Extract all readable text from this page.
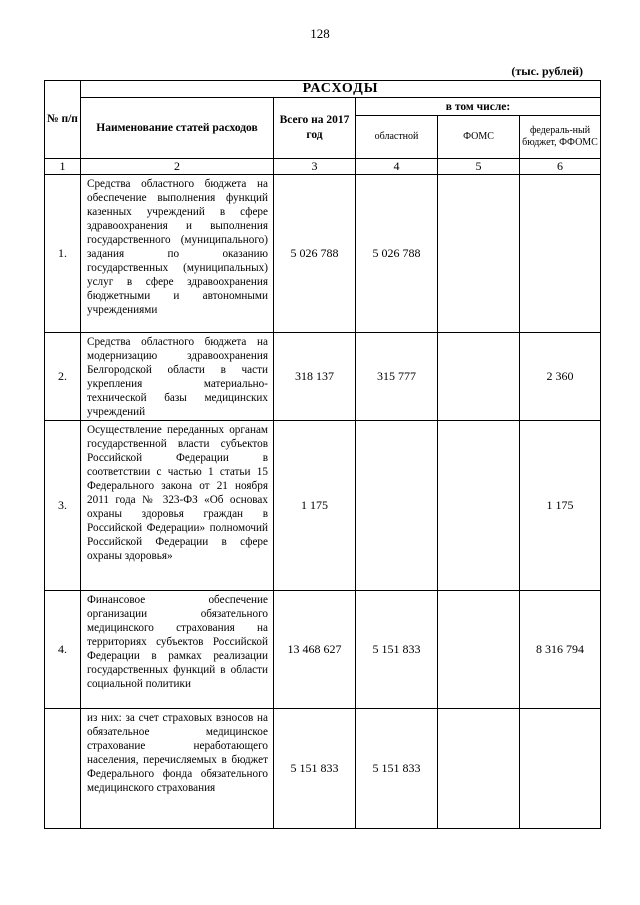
128
(тыс. рублей)
№ п/п	РАСХОДЫ				
	Наименование статей расходов	Всего на 2017 год	в том числе:		
			областной	ФОМС	федераль-ный бюджет, ФФОМС
1	2	3	4	5	6
1.	Средства областного бюджета на обеспечение выполнения функций казенных учреждений в сфере здравоохранения и выполнения государственного (муниципального) задания по оказанию государственных (муниципальных) услуг в сфере здравоохранения бюджетными и автономными учреждениями	5 026 788	5 026 788		
2.	Средства областного бюджета на модернизацию здравоохранения Белгородской области в части укрепления материально-технической базы медицинских учреждений	318 137	315 777		2 360
3.	Осуществление переданных органам государственной власти субъектов Российской Федерации в соответствии с частью 1 статьи 15 Федерального закона от 21 ноября 2011 года № 323-ФЗ «Об основах охраны здоровья граждан в Российской Федерации» полномочий Российской Федерации в сфере охраны здоровья»	1 175			1 175
4.	Финансовое обеспечение организации обязательного медицинского страхования на территориях субъектов Российской Федерации в рамках реализации государственных функций в области социальной политики	13 468 627	5 151 833		8 316 794
	из них: за счет страховых взносов на обязательное медицинское страхование неработающего населения, перечисляемых в бюджет Федерального фонда обязательного медицинского страхования	5 151 833	5 151 833		
